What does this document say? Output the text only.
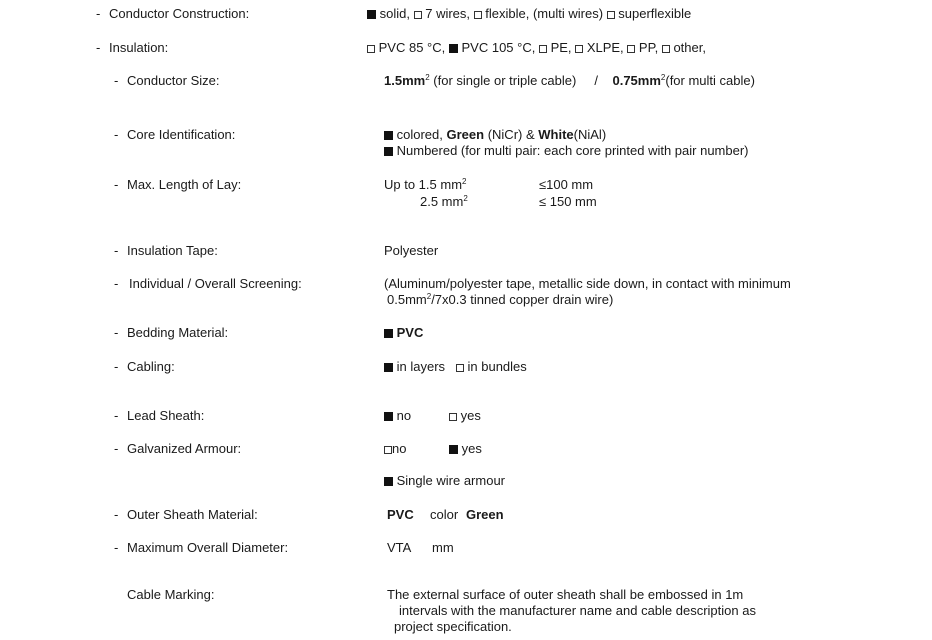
- Conductor Construction:	solid, 7 wires, flexible, (multi wires) superflexible
- Insulation:	PVC 85 °C, PVC 105 °C, PE, XLPE, PP, other,
- Conductor Size:	$1.5mm^2$ (for single or triple cable) / $0.75mm^2(for$ multi cable)
- Core Identification:	colored, Green (NiCr) & White(NiAl)
Numbered (for multi pair: each core printed with pair number)
- Max. Length of Lay:	Up to 1.5 $mm^2$	≤100 mm
2.5 $mm^2$	≤ 150 mm
- Insulation Tape:	Polyester
- Individual / Overall Screening:	(Aluminum/polyester tape, metallic side down, in contact with minimum
$0.5mm^2/7x0.3$ tinned copper drain wire)
- Bedding Material:	PVC
- Cabling:	in layers in bundles
- Lead Sheath:	no	yes
- Galvanized Armour:	no	yes
Single wire armour
- Outer Sheath Material:	PVC color Green
- Maximum Overall Diameter:	VTA mm
Cable Marking:	The external surface of outer sheath shall be embossed in 1m
intervals with the manufacturer name and cable description as
project specification.
